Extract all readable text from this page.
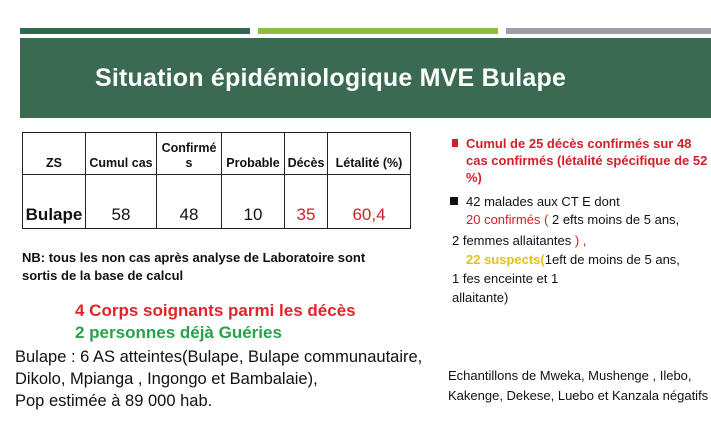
Situation épidémiologique MVE Bulape
ZS	Cumul cas	Confirmé s	Probable	Décès	Létalité (%)
Bulape	58	48	10	35	60,4
NB: tous les non cas après analyse de Laboratoire sont sortis de la base de calcul
4 Corps soignants parmi les décès
2 personnes déjà Guéries
Bulape : 6 AS atteintes(Bulape, Bulape communautaire, Dikolo, Mpianga , Ingongo et Bambalaie),
Pop estimée à 89 000 hab.
Cumul de 25 décès confirmés sur 48 cas confirmés (létalité spécifique de 52 %)
42 malades aux CT E dont
20 confirmés ( 2 efts moins de 5 ans,
2 femmes allaitantes ) ,
22 suspects(1eft de moins de 5 ans,
1 fes enceinte et 1
allaitante)
Echantillons de Mweka, Mushenge , Ilebo, Kakenge, Dekese, Luebo et Kanzala négatifs
